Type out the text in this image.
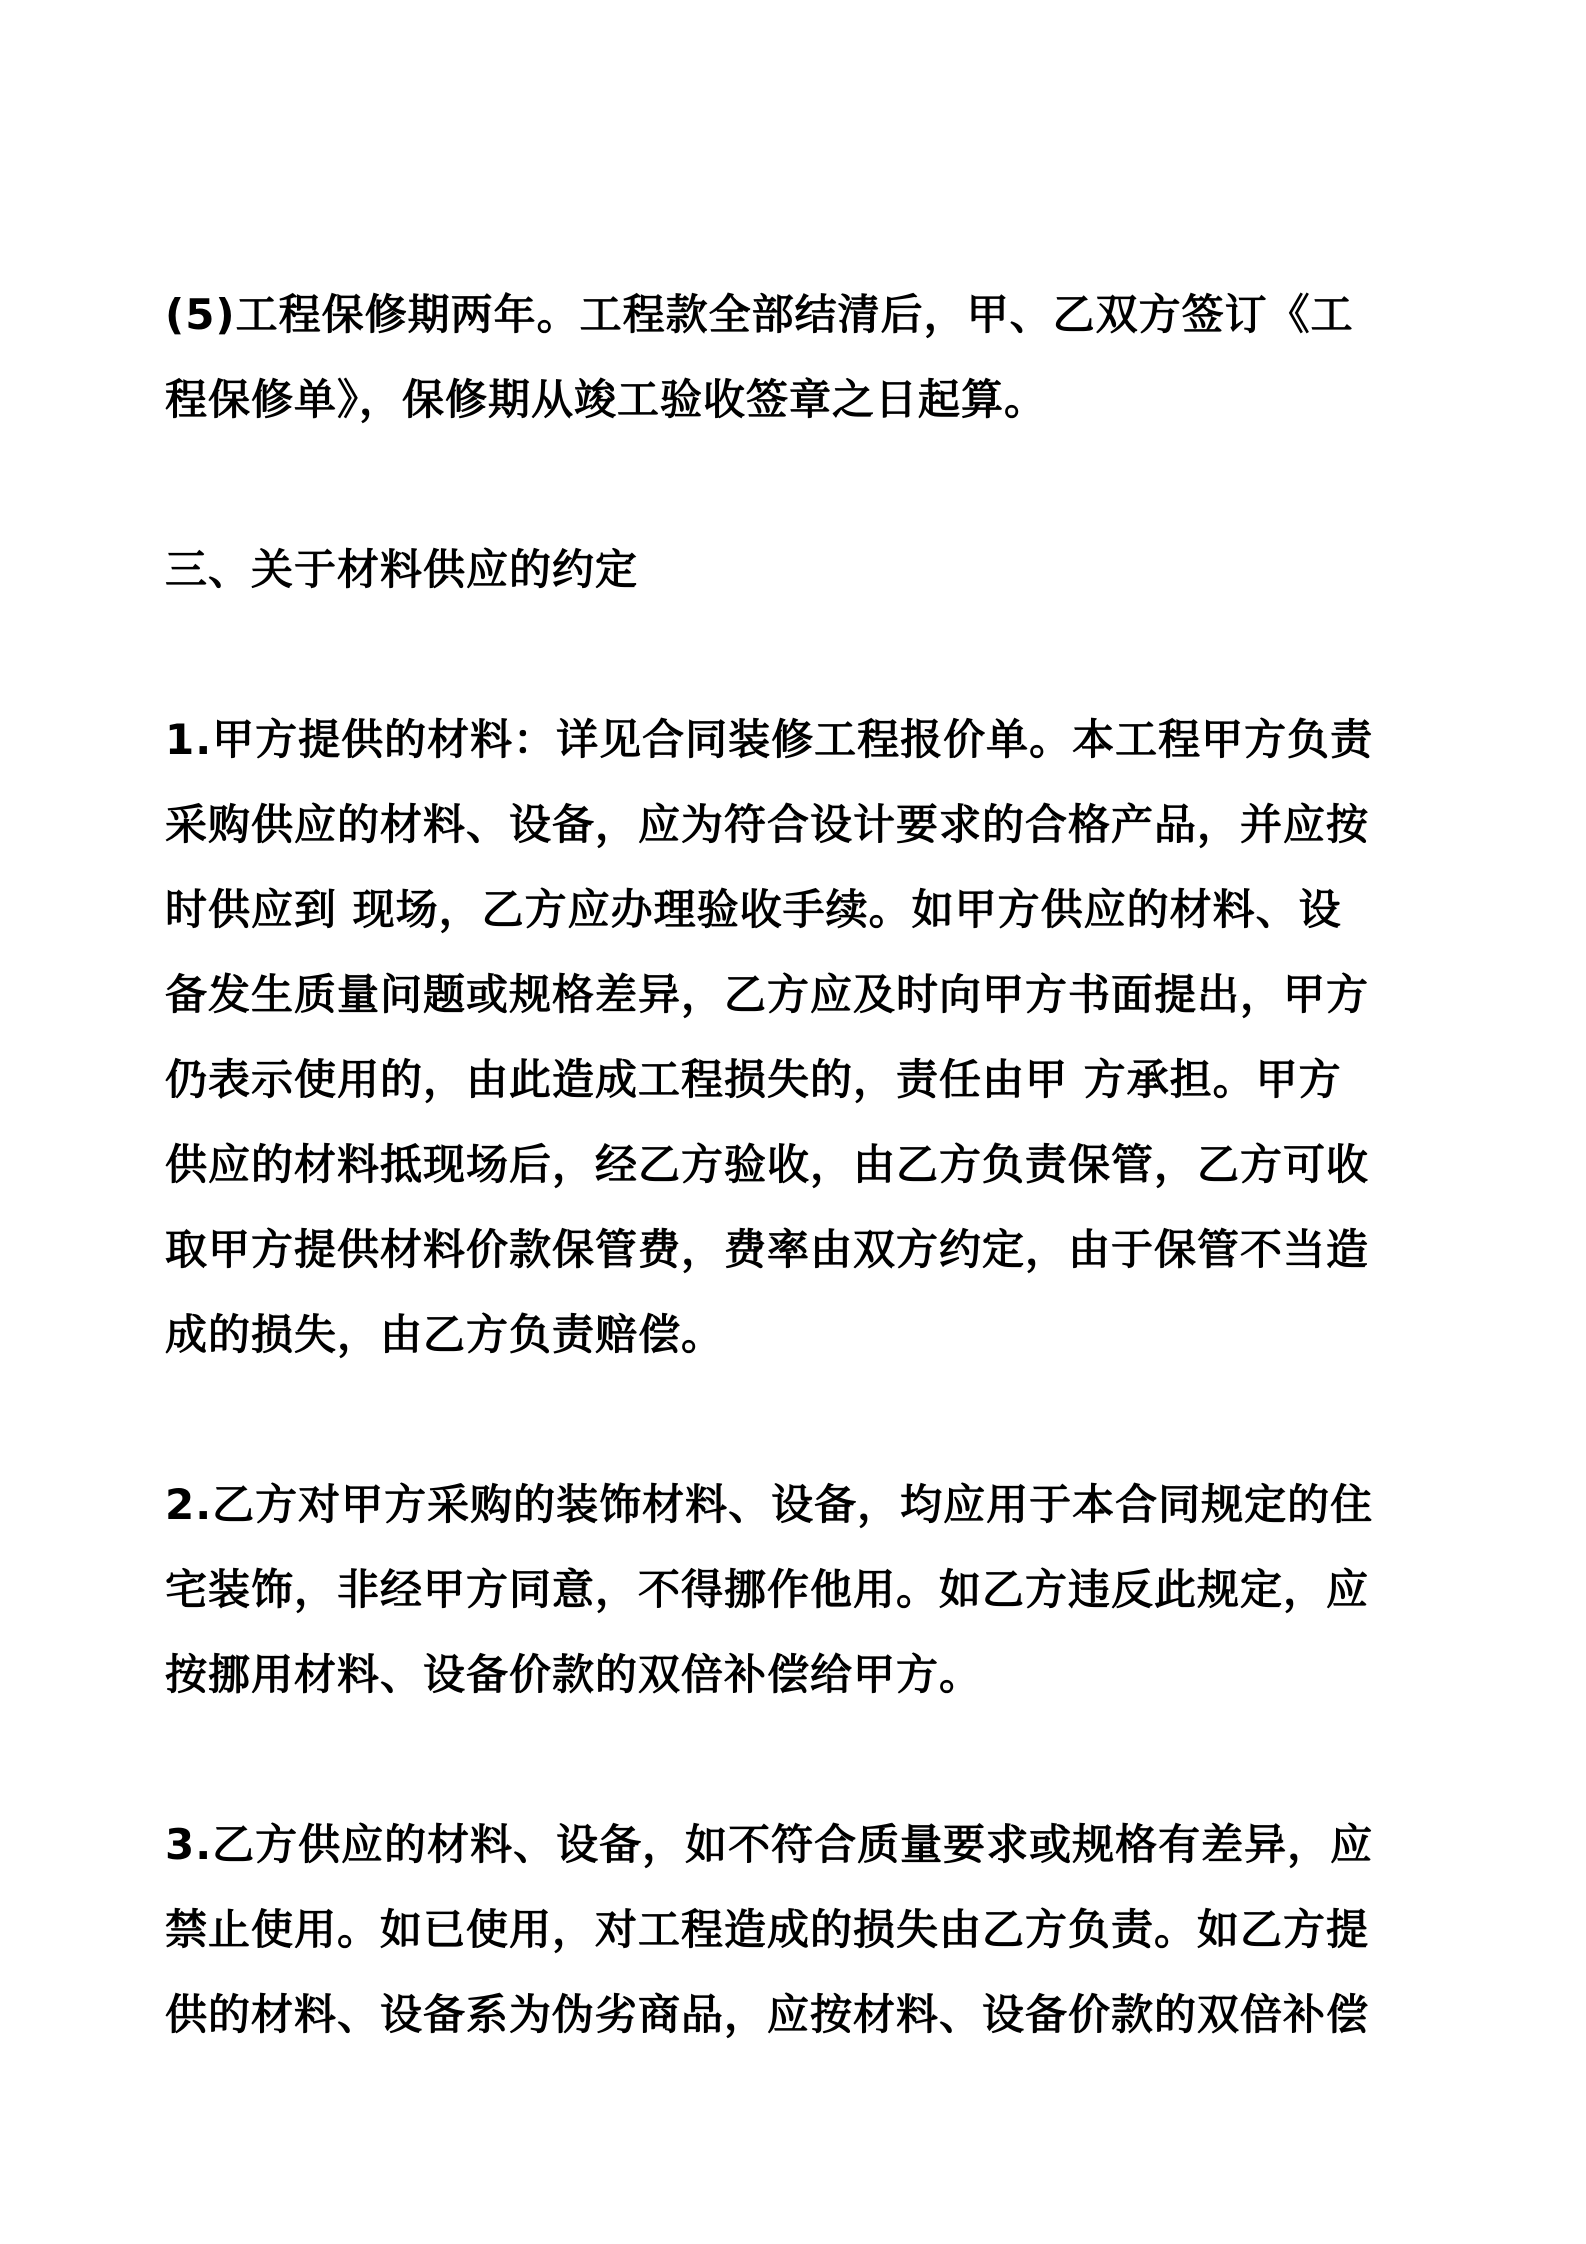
(5)工程保修期两年。工程款全部结清后，甲、乙双方签订《工
程保修单》，保修期从竣工验收签章之日起算。
三、关于材料供应的约定
1.甲方提供的材料：详见合同装修工程报价单。本工程甲方负责
采购供应的材料、设备，应为符合设计要求的合格产品，并应按
时供应到 现场，乙方应办理验收手续。如甲方供应的材料、设
备发生质量问题或规格差异，乙方应及时向甲方书面提出，甲方
仍表示使用的，由此造成工程损失的，责任由甲 方承担。甲方
供应的材料抵现场后，经乙方验收，由乙方负责保管，乙方可收
取甲方提供材料价款保管费，费率由双方约定，由于保管不当造
成的损失，由乙方负责赔偿。
2.乙方对甲方采购的装饰材料、设备，均应用于本合同规定的住
宅装饰，非经甲方同意，不得挪作他用。如乙方违反此规定，应
按挪用材料、设备价款的双倍补偿给甲方。
3.乙方供应的材料、设备，如不符合质量要求或规格有差异，应
禁止使用。如已使用，对工程造成的损失由乙方负责。如乙方提
供的材料、设备系为伪劣商品，应按材料、设备价款的双倍补偿
